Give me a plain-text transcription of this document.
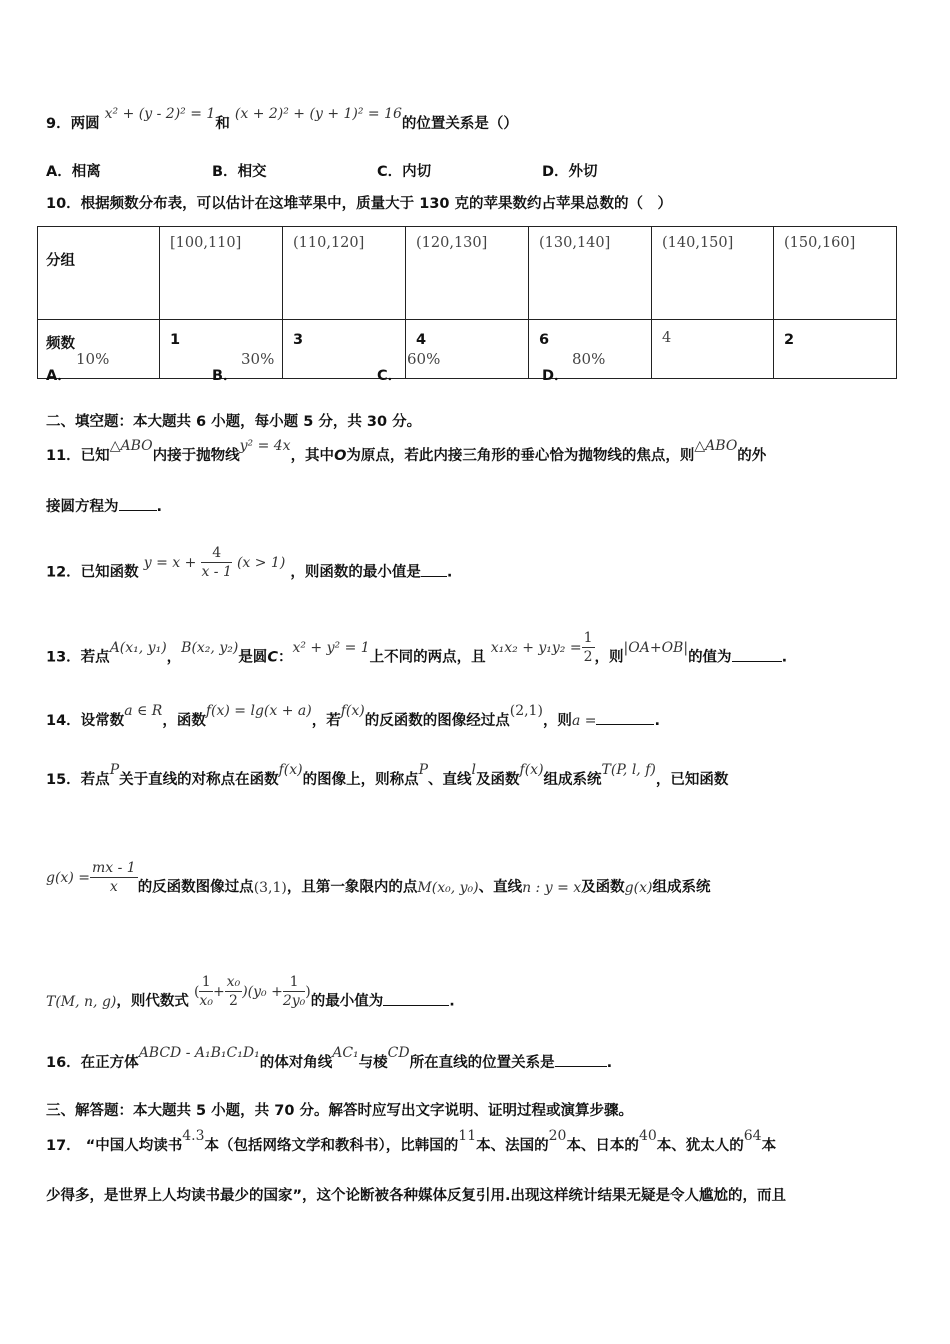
9．两圆 x² + (y - 2)² = 1和 (x + 2)² + (y + 1)² = 16的位置关系是（）
A．相离	B．相交	C．内切	D．外切
10．根据频数分布表，可以估计在这堆苹果中，质量大于 130 克的苹果数约占苹果总数的（　）
分组	[100,110]	(110,120]	(120,130]	(130,140]	(140,150]	(150,160]
频数	1	3	4	6	4	2
A．
10%
B．
30%
C．
60%
D．
80%
二、填空题：本大题共 6 小题，每小题 5 分，共 30 分。
11．已知△ABO内接于抛物线y² = 4x，其中O为原点，若此内接三角形的垂心恰为抛物线的焦点，则△ABO的外
接圆方程为	.
12．已知函数 $y = x + \frac{4}{x - 1} (x > 1)$ ，则函数的最小值是 .
13．若点A(x₁, y₁)，B(x₂, y₂)是圆C：x² + y² = 1上不同的两点，且 $x_1x_2 + y_1y_2 = \frac{1}{2}$ ，则|OA+OB|的值为	.
14．设常数a ∈ R，函数f(x) = lg(x + a)，若f(x)的反函数的图像经过点(2,1)，则a =	.
15．若点P关于直线的对称点在函数f(x)的图像上，则称点P、直线l及函数f(x)组成系统T(P, l, f)，已知函数
$g(x) = \frac{mx - 1}{x}$ 的反函数图像过点(3,1)，且第一象限内的点M(x₀, y₀)、直线n : y = x及函数g(x)组成系统
T(M, n, g)，则代数式 ( $\frac{1}{\text{x₀}} + \frac{\text{x₀}}{2} )(y_0 + \frac{1}{\text{2y₀}}$ )的最小值为	.
16．在正方体ABCD - A₁B₁C₁D₁的体对角线AC₁与棱CD所在直线的位置关系是	.
三、解答题：本大题共 5 小题，共 70 分。解答时应写出文字说明、证明过程或演算步骤。
17． “中国人均读书4.3本（包括网络文学和教科书），比韩国的11本、法国的20本、日本的40本、犹太人的64本
少得多，是世界上人均读书最少的国家”，这个论断被各种媒体反复引用.出现这样统计结果无疑是令人尴尬的，而且
